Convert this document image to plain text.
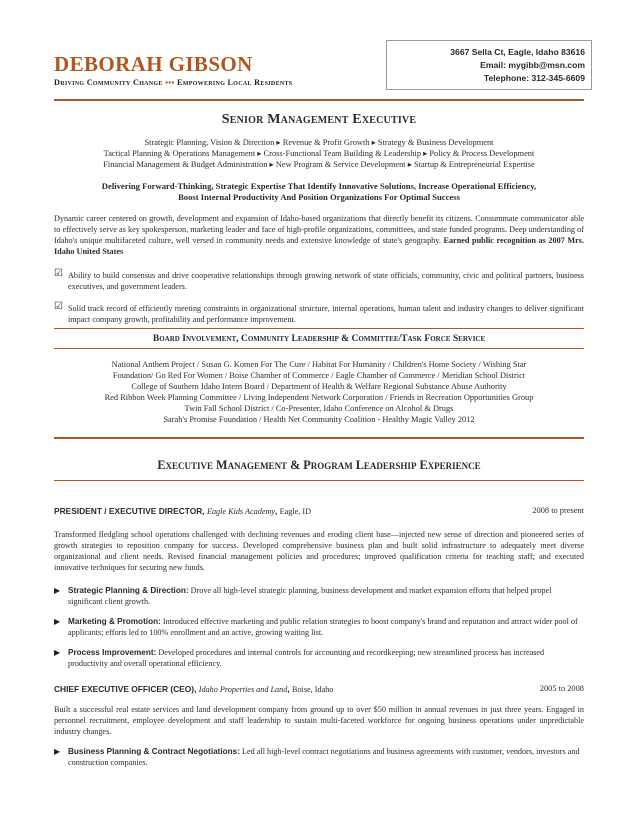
DEBORAH GIBSON
Driving Community Change ▪▪▪ Empowering Local Residents
3667 Sella Ct, Eagle, Idaho 83616
Email: mygibb@msn.com
Telephone: 312-345-6609
Senior Management Executive
Strategic Planning, Vision & Direction ▸ Revenue & Profit Growth ▸ Strategy & Business Development
Tactical Planning & Operations Management ▸ Cross-Functional Team Building & Leadership ▸ Policy & Process Development
Financial Management & Budget Administration ▸ New Program & Service Development ▸ Startup & Entrepreneurial Expertise
Delivering Forward-Thinking, Strategic Expertise That Identify Innovative Solutions, Increase Operational Efficiency,
Boost Internal Productivity And Position Organizations For Optimal Success
Dynamic career centered on growth, development and expansion of Idaho-based organizations that directly benefit its citizens. Consummate communicator able to effectively serve as key spokesperson, marketing leader and face of high-profile organizations, committees, and state funded programs. Deep understanding of Idaho's unique multifaceted culture, well versed in community needs and extensive knowledge of state's geography. Earned public recognition as 2007 Mrs. Idaho United States
☑ Ability to build consensus and drive cooperative relationships through growing network of state officials, community, civic and political partners, business executives, and government leaders.
☑ Solid track record of efficiently meeting constraints in organizational structure, internal operations, human talent and industry changes to deliver significant impact company growth, profitability and performance improvement.
Board Involvement, Community Leadership & Committee/Task Force Service
National Anthem Project / Susan G. Komen For The Cure / Habitat For Humanity / Children's Home Society / Wishing Star
Foundation/ Go Red For Women / Boise Chamber of Commerce / Eagle Chamber of Commerce / Meridian School District
College of Southern Idaho Intern Board / Department of Health & Welfare Regional Substance Abuse Authority
Red Ribbon Week Planning Committee / Living Independent Network Corporation / Friends in Recreation Opportunities Group
Twin Fall School District / Co-Presenter, Idaho Conference on Alcohol & Drugs
Sarah's Promise Foundation / Health Net Community Coalition - Healthy Magic Valley 2012
Executive Management & Program Leadership Experience
PRESIDENT / EXECUTIVE DIRECTOR, Eagle Kids Academy, Eagle, ID	2008 to present
Transformed fledgling school operations challenged with declining revenues and eroding client base—injected new sense of direction and pioneered series of growth strategies to reposition company for success. Developed comprehensive business plan and built solid infrastructure to adequately meet diverse organizational and client needs. Revised financial management policies and procedures; improved qualification criteria for teaching staff; and executed innovative techniques for securing new funds.
▶ Strategic Planning & Direction: Drove all high-level strategic planning, business development and market expansion efforts that helped propel significant client growth.
▶ Marketing & Promotion: Introduced effective marketing and public relation strategies to boost company's brand and reputation and attract wider pool of applicants; efforts led to 100% enrollment and an active, growing waiting list.
▶ Process Improvement: Developed procedures and internal controls for accounting and recordkeeping; new streamlined process has increased productivity and overall operational efficiency.
CHIEF EXECUTIVE OFFICER (CEO), Idaho Properties and Land, Boise, Idaho	2005 to 2008
Built a successful real estate services and land development company from ground up to over $50 million in annual revenues in just three years. Engaged in personnel recruitment, employee development and staff leadership to sustain multi-faceted workforce for ongoing business operations under unpredictable industry changes.
▶ Business Planning & Contract Negotiations: Led all high-level contract negotiations and business agreements with customer, vendors, investors and construction companies.
